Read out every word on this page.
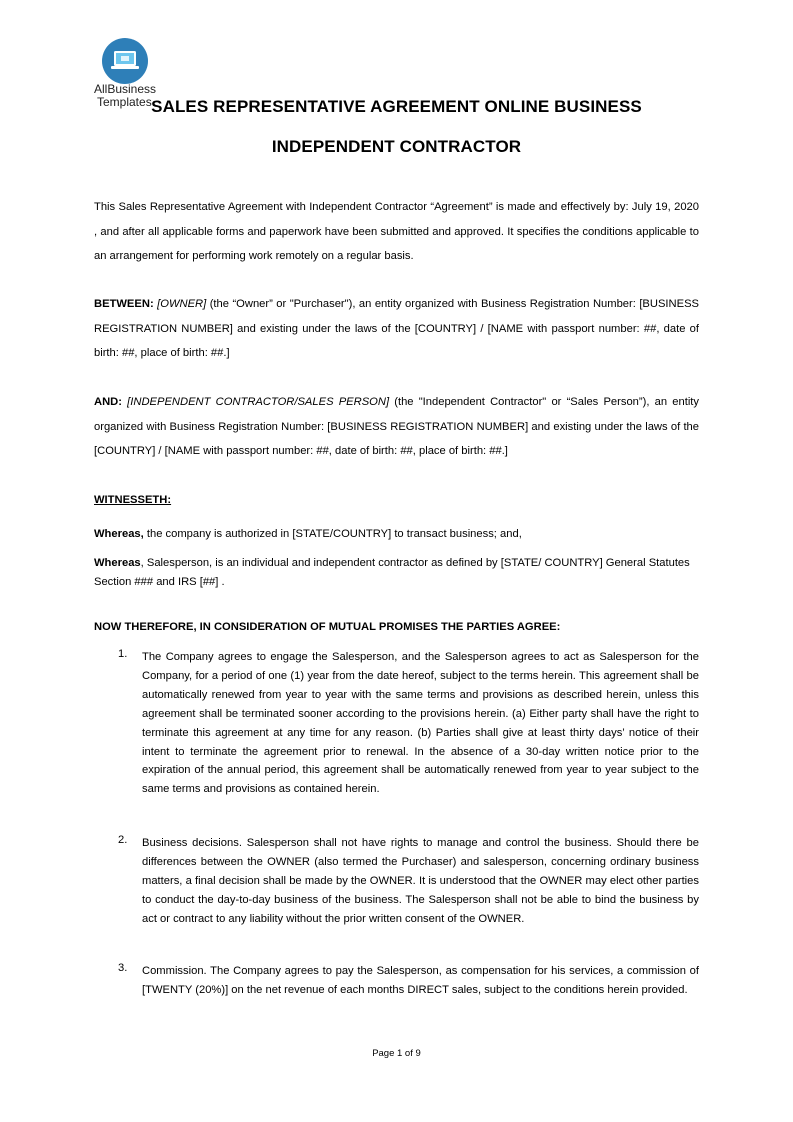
AllBusiness
Templates SALES REPRESENTATIVE AGREEMENT ONLINE BUSINESS
INDEPENDENT CONTRACTOR
This Sales Representative Agreement with Independent Contractor “Agreement” is made and effectively by: July 19, 2020 , and after all applicable forms and paperwork have been submitted and approved. It specifies the conditions applicable to an arrangement for performing work remotely on a regular basis.
BETWEEN: [OWNER] (the “Owner” or "Purchaser"), an entity organized with Business Registration Number: [BUSINESS REGISTRATION NUMBER] and existing under the laws of the [COUNTRY] / [NAME with passport number: ##, date of birth: ##, place of birth: ##.]
AND: [INDEPENDENT CONTRACTOR/SALES PERSON] (the "Independent Contractor" or “Sales Person”), an entity organized with Business Registration Number: [BUSINESS REGISTRATION NUMBER] and existing under the laws of the [COUNTRY] / [NAME with passport number: ##, date of birth: ##, place of birth: ##.]
WITNESSETH:
Whereas, the company is authorized in [STATE/COUNTRY] to transact business; and,
Whereas, Salesperson, is an individual and independent contractor as defined by [STATE/ COUNTRY] General Statutes Section ### and IRS [##] .
NOW THEREFORE, IN CONSIDERATION OF MUTUAL PROMISES THE PARTIES AGREE:
1. The Company agrees to engage the Salesperson, and the Salesperson agrees to act as Salesperson for the Company, for a period of one (1) year from the date hereof, subject to the terms herein. This agreement shall be automatically renewed from year to year with the same terms and provisions as described herein, unless this agreement shall be terminated sooner according to the provisions herein. (a) Either party shall have the right to terminate this agreement at any time for any reason. (b) Parties shall give at least thirty days’ notice of their intent to terminate the agreement prior to renewal. In the absence of a 30-day written notice prior to the expiration of the annual period, this agreement shall be automatically renewed from year to year subject to the same terms and provisions as contained herein.
2. Business decisions. Salesperson shall not have rights to manage and control the business. Should there be differences between the OWNER (also termed the Purchaser) and salesperson, concerning ordinary business matters, a final decision shall be made by the OWNER. It is understood that the OWNER may elect other parties to conduct the day-to-day business of the business. The Salesperson shall not be able to bind the business by act or contract to any liability without the prior written consent of the OWNER.
3. Commission. The Company agrees to pay the Salesperson, as compensation for his services, a commission of [TWENTY (20%)] on the net revenue of each months DIRECT sales, subject to the conditions herein provided.
Page 1 of 9
